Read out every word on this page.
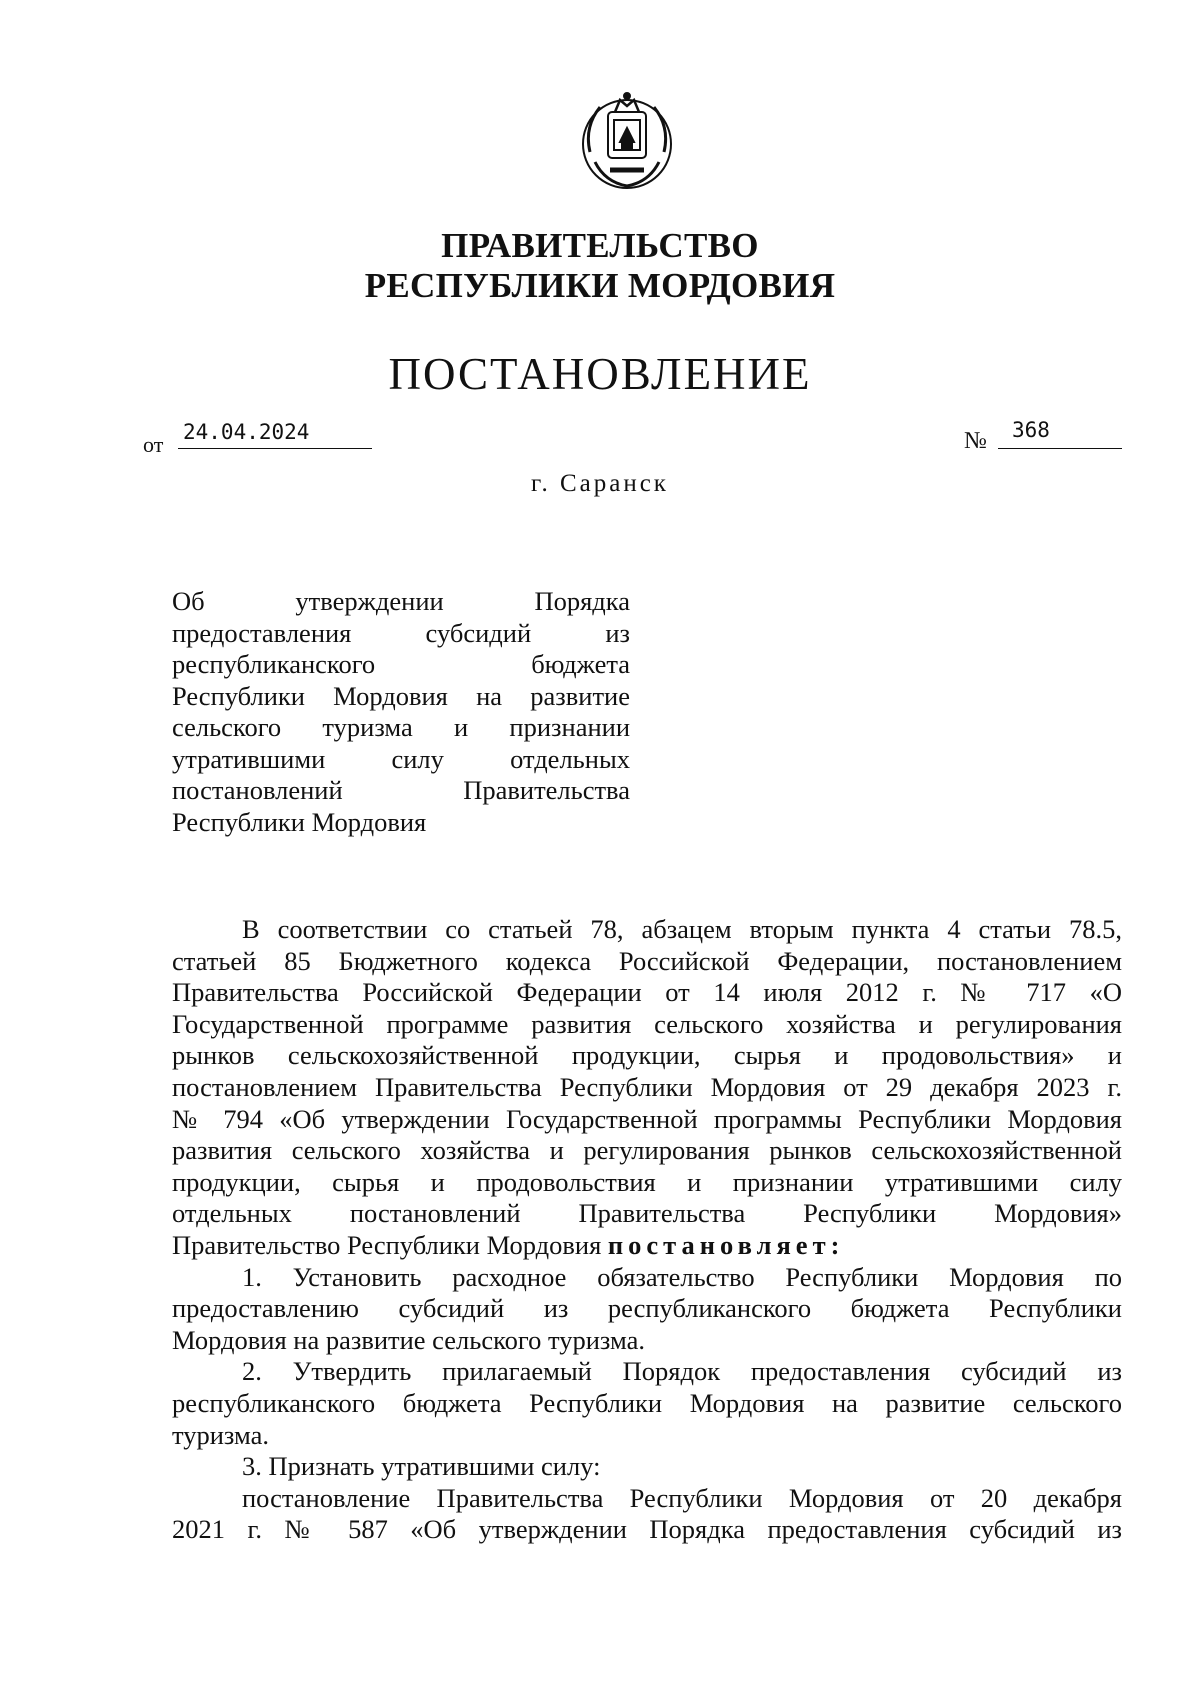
ПРАВИТЕЛЬСТВО
РЕСПУБЛИКИ МОРДОВИЯ
ПОСТАНОВЛЕНИЕ
от 24.04.2024	№ 368
г. Саранск
Об утверждении Порядка
предоставления субсидий из
республиканского бюджета
Республики Мордовия на развитие
сельского туризма и признании
утратившими силу отдельных
постановлений Правительства
Республики Мордовия
В соответствии со статьей 78, абзацем вторым пункта 4 статьи 78.5,
статьей 85 Бюджетного кодекса Российской Федерации, постановлением
Правительства Российской Федерации от 14 июля 2012 г. № 717 «О
Государственной программе развития сельского хозяйства и регулирования
рынков сельскохозяйственной продукции, сырья и продовольствия» и
постановлением Правительства Республики Мордовия от 29 декабря 2023 г.
№ 794 «Об утверждении Государственной программы Республики Мордовия
развития сельского хозяйства и регулирования рынков сельскохозяйственной
продукции, сырья и продовольствия и признании утратившими силу
отдельных постановлений Правительства Республики Мордовия»
Правительство Республики Мордовия постановляет:
1. Установить расходное обязательство Республики Мордовия по
предоставлению субсидий из республиканского бюджета Республики
Мордовия на развитие сельского туризма.
2. Утвердить прилагаемый Порядок предоставления субсидий из
республиканского бюджета Республики Мордовия на развитие сельского
туризма.
3. Признать утратившими силу:
постановление Правительства Республики Мордовия от 20 декабря
2021 г. № 587 «Об утверждении Порядка предоставления субсидий из
